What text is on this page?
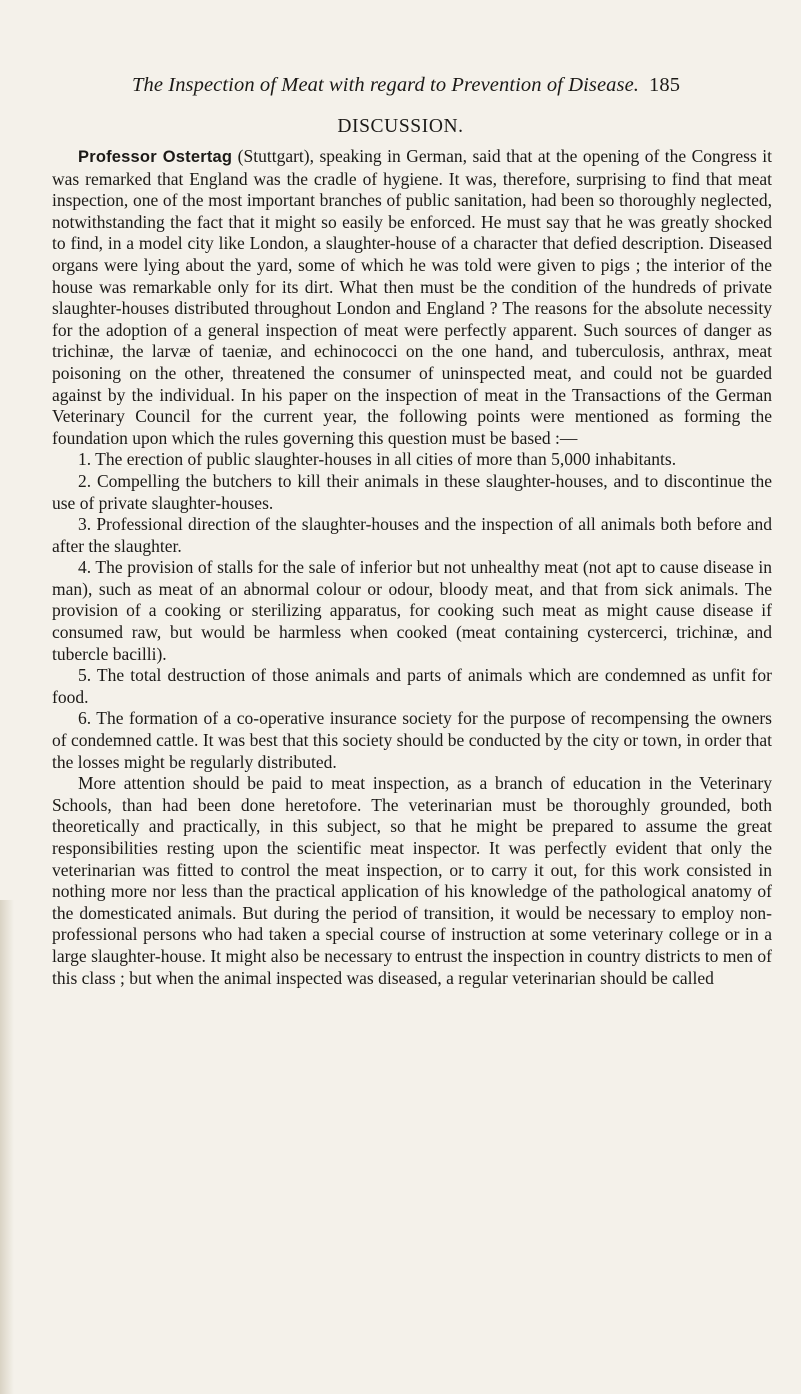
The Inspection of Meat with regard to Prevention of Disease. 185
DISCUSSION.

Professor Ostertag (Stuttgart), speaking in German, said that at the opening of the Congress it was remarked that England was the cradle of hygiene. It was, therefore, surprising to find that meat inspection, one of the most important branches of public sanitation, had been so thoroughly neglected, notwithstanding the fact that it might so easily be enforced. He must say that he was greatly shocked to find, in a model city like London, a slaughter-house of a character that defied description. Diseased organs were lying about the yard, some of which he was told were given to pigs ; the interior of the house was remarkable only for its dirt. What then must be the condition of the hundreds of private slaughter-houses distributed throughout London and England ? The reasons for the absolute necessity for the adoption of a general inspection of meat were perfectly apparent. Such sources of danger as trichinæ, the larvæ of taeniæ, and echinococci on the one hand, and tuberculosis, anthrax, meat poisoning on the other, threatened the consumer of uninspected meat, and could not be guarded against by the individual. In his paper on the inspection of meat in the Transactions of the German Veterinary Council for the current year, the following points were mentioned as forming the foundation upon which the rules governing this question must be based :—

1. The erection of public slaughter-houses in all cities of more than 5,000 inhabitants.

2. Compelling the butchers to kill their animals in these slaughter-houses, and to discontinue the use of private slaughter-houses.

3. Professional direction of the slaughter-houses and the inspection of all animals both before and after the slaughter.

4. The provision of stalls for the sale of inferior but not unhealthy meat (not apt to cause disease in man), such as meat of an abnormal colour or odour, bloody meat, and that from sick animals. The provision of a cooking or sterilizing apparatus, for cooking such meat as might cause disease if consumed raw, but would be harmless when cooked (meat containing cystercerci, trichinæ, and tubercle bacilli).

5. The total destruction of those animals and parts of animals which are condemned as unfit for food.

6. The formation of a co-operative insurance society for the purpose of recompensing the owners of condemned cattle. It was best that this society should be conducted by the city or town, in order that the losses might be regularly distributed.

More attention should be paid to meat inspection, as a branch of education in the Veterinary Schools, than had been done heretofore. The veterinarian must be thoroughly grounded, both theoretically and practically, in this subject, so that he might be prepared to assume the great responsibilities resting upon the scientific meat inspector. It was perfectly evident that only the veterinarian was fitted to control the meat inspection, or to carry it out, for this work consisted in nothing more nor less than the practical application of his knowledge of the pathological anatomy of the domesticated animals. But during the period of transition, it would be necessary to employ non-professional persons who had taken a special course of instruction at some veterinary college or in a large slaughter-house. It might also be necessary to entrust the inspection in country districts to men of this class ; but when the animal inspected was diseased, a regular veterinarian should be called
